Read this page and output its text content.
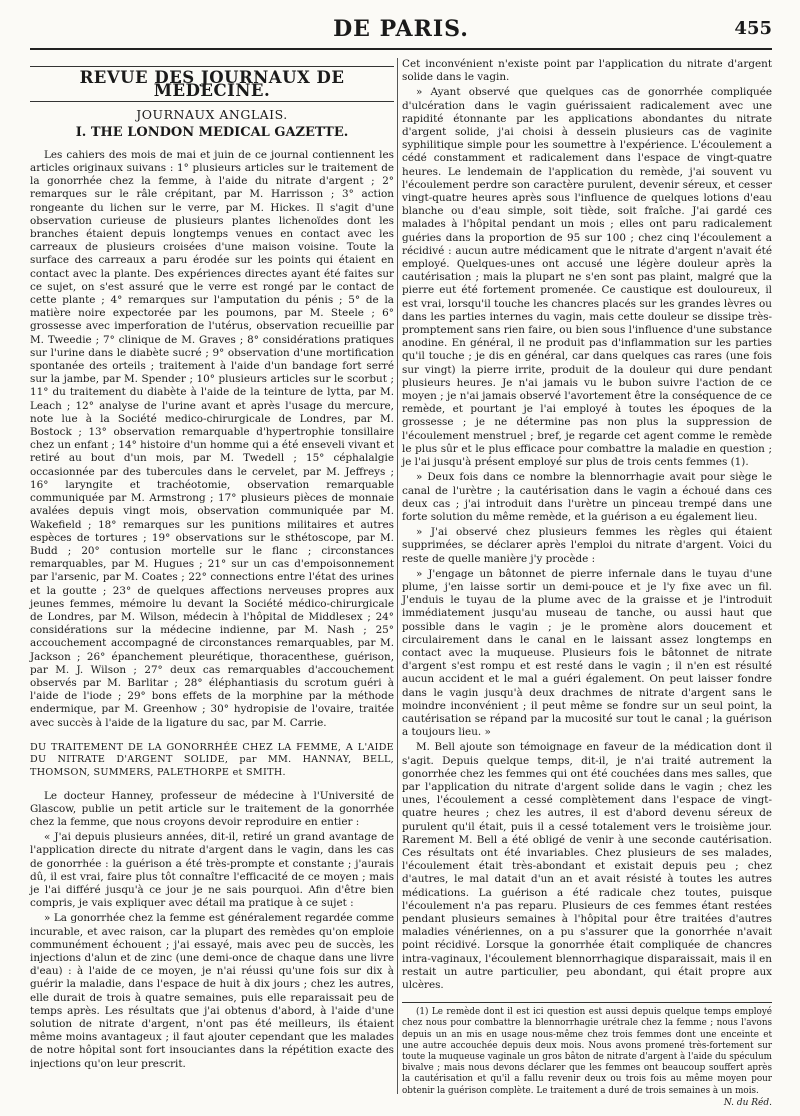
DE PARIS.	455
REVUE DES JOURNAUX DE MÉDECINE.
JOURNAUX ANGLAIS.
I. THE LONDON MEDICAL GAZETTE.

Les cahiers des mois de mai et juin de ce journal contiennent les articles originaux suivans : 1° plusieurs articles sur le traitement de la gonorrhée chez la femme, à l'aide du nitrate d'argent ; 2° remarques sur le râle crépitant, par M. Harrisson ; 3° action rongeante du lichen sur le verre, par M. Hickes. Il s'agit d'une observation curieuse de plusieurs plantes lichenoïdes dont les branches étaient depuis longtemps venues en contact avec les carreaux de plusieurs croisées d'une maison voisine. Toute la surface des carreaux a paru érodée sur les points qui étaient en contact avec la plante. Des expériences directes ayant été faites sur ce sujet, on s'est assuré que le verre est rongé par le contact de cette plante ; 4° remarques sur l'amputation du pénis ; 5° de la matière noire expectorée par les poumons, par M. Steele ; 6° grossesse avec imperforation de l'utérus, observation recueillie par M. Tweedie ; 7° clinique de M. Graves ; 8° considérations pratiques sur l'urine dans le diabète sucré ; 9° observation d'une mortification spontanée des orteils ; traitement à l'aide d'un bandage fort serré sur la jambe, par M. Spender ; 10° plusieurs articles sur le scorbut ; 11° du traitement du diabète à l'aide de la teinture de lytta, par M. Leach ; 12° analyse de l'urine avant et après l'usage du mercure, note lue à la Société medico-chirurgicale de Londres, par M. Bostock ; 13° observation remarquable d'hypertrophie tonsillaire chez un enfant ; 14° histoire d'un homme qui a été enseveli vivant et retiré au bout d'un mois, par M. Twedell ; 15° céphalalgie occasionnée par des tubercules dans le cervelet, par M. Jeffreys ; 16° laryngite et trachéotomie, observation remarquable communiquée par M. Armstrong ; 17° plusieurs pièces de monnaie avalées depuis vingt mois, observation communiquée par M. Wakefield ; 18° remarques sur les punitions militaires et autres espèces de tortures ; 19° observations sur le sthétoscope, par M. Budd ; 20° contusion mortelle sur le flanc ; circonstances remarquables, par M. Hugues ; 21° sur un cas d'empoisonnement par l'arsenic, par M. Coates ; 22° connections entre l'état des urines et la goutte ; 23° de quelques affections nerveuses propres aux jeunes femmes, mémoire lu devant la Société médico-chirurgicale de Londres, par M. Wilson, médecin à l'hôpital de Middlesex ; 24° considérations sur la médecine indienne, par M. Nash ; 25° accouchement accompagné de circonstances remarquables, par M. Jackson ; 26° épanchement pleurétique, thoracenthese, guérison, par M. J. Wilson ; 27° deux cas remarquables d'accouchement observés par M. Barlitar ; 28° éléphantiasis du scrotum guéri à l'aide de l'iode ; 29° bons effets de la morphine par la méthode endermique, par M. Greenhow ; 30° hydropisie de l'ovaire, traitée avec succès à l'aide de la ligature du sac, par M. Carrie.

DU TRAITEMENT DE LA GONORRHÉE CHEZ LA FEMME, A L'AIDE DU NITRATE D'ARGENT SOLIDE, par MM. HANNAY, BELL, THOMSON, SUMMERS, PALETHORPE et SMITH.

Le docteur Hanney, professeur de médecine à l'Université de Glascow, publie un petit article sur le traitement de la gonorrhée chez la femme, que nous croyons devoir reproduire en entier :

« J'ai depuis plusieurs années, dit-il, retiré un grand avantage de l'application directe du nitrate d'argent dans le vagin, dans les cas de gonorrhée : la guérison a été très-prompte et constante ; j'aurais dû, il est vrai, faire plus tôt connaître l'efficacité de ce moyen ; mais je l'ai différé jusqu'à ce jour je ne sais pourquoi. Afin d'être bien compris, je vais expliquer avec détail ma pratique à ce sujet :

» La gonorrhée chez la femme est généralement regardée comme incurable, et avec raison, car la plupart des remèdes qu'on emploie communément échouent ; j'ai essayé, mais avec peu de succès, les injections d'alun et de zinc (une demi-once de chaque dans une livre d'eau) : à l'aide de ce moyen, je n'ai réussi qu'une fois sur dix à guérir la maladie, dans l'espace de huit à dix jours ; chez les autres, elle durait de trois à quatre semaines, puis elle reparaissait peu de temps après. Les résultats que j'ai obtenus d'abord, à l'aide d'une solution de nitrate d'argent, n'ont pas été meilleurs, ils étaient même moins avantageux ; il faut ajouter cependant que les malades de notre hôpital sont fort insouciantes dans la répétition exacte des injections qu'on leur prescrit.

Cet inconvénient n'existe point par l'application du nitrate d'argent solide dans le vagin.

» Ayant observé que quelques cas de gonorrhée compliquée d'ulcération dans le vagin guérissaient radicalement avec une rapidité étonnante par les applications abondantes du nitrate d'argent solide, j'ai choisi à dessein plusieurs cas de vaginite syphilitique simple pour les soumettre à l'expérience. L'écoulement a cédé constamment et radicalement dans l'espace de vingt-quatre heures. Le lendemain de l'application du remède, j'ai souvent vu l'écoulement perdre son caractère purulent, devenir séreux, et cesser vingt-quatre heures après sous l'influence de quelques lotions d'eau blanche ou d'eau simple, soit tiède, soit fraîche. J'ai gardé ces malades à l'hôpital pendant un mois ; elles ont paru radicalement guéries dans la proportion de 95 sur 100 ; chez cinq l'écoulement a récidivé : aucun autre médicament que le nitrate d'argent n'avait été employé. Quelques-unes ont accusé une légère douleur après la cautérisation ; mais la plupart ne s'en sont pas plaint, malgré que la pierre eut été fortement promenée. Ce caustique est douloureux, il est vrai, lorsqu'il touche les chancres placés sur les grandes lèvres ou dans les parties internes du vagin, mais cette douleur se dissipe très-promptement sans rien faire, ou bien sous l'influence d'une substance anodine. En général, il ne produit pas d'inflammation sur les parties qu'il touche ; je dis en général, car dans quelques cas rares (une fois sur vingt) la pierre irrite, produit de la douleur qui dure pendant plusieurs heures. Je n'ai jamais vu le bubon suivre l'action de ce moyen ; je n'ai jamais observé l'avortement être la conséquence de ce remède, et pourtant je l'ai employé à toutes les époques de la grossesse ; je ne détermine pas non plus la suppression de l'écoulement menstruel ; bref, je regarde cet agent comme le remède le plus sûr et le plus efficace pour combattre la maladie en question ; je l'ai jusqu'à présent employé sur plus de trois cents femmes (1).

» Deux fois dans ce nombre la blennorrhagie avait pour siège le canal de l'urètre ; la cautérisation dans le vagin a échoué dans ces deux cas ; j'ai introduit dans l'urètre un pinceau trempé dans une forte solution du même remède, et la guérison a eu également lieu.

» J'ai observé chez plusieurs femmes les règles qui étaient supprimées, se déclarer après l'emploi du nitrate d'argent. Voici du reste de quelle manière j'y procède :

» J'engage un bâtonnet de pierre infernale dans le tuyau d'une plume, j'en laisse sortir un demi-pouce et je l'y fixe avec un fil. J'enduis le tuyau de la plume avec de la graisse et je l'introduit immédiatement jusqu'au museau de tanche, ou aussi haut que possible dans le vagin ; je le promène alors doucement et circulairement dans le canal en le laissant assez longtemps en contact avec la muqueuse. Plusieurs fois le bâtonnet de nitrate d'argent s'est rompu et est resté dans le vagin ; il n'en est résulté aucun accident et le mal a guéri également. On peut laisser fondre dans le vagin jusqu'à deux drachmes de nitrate d'argent sans le moindre inconvénient ; il peut même se fondre sur un seul point, la cautérisation se répand par la mucosité sur tout le canal ; la guérison a toujours lieu. »

M. Bell ajoute son témoignage en faveur de la médication dont il s'agit. Depuis quelque temps, dit-il, je n'ai traité autrement la gonorrhée chez les femmes qui ont été couchées dans mes salles, que par l'application du nitrate d'argent solide dans le vagin ; chez les unes, l'écoulement a cessé complètement dans l'espace de vingt-quatre heures ; chez les autres, il est d'abord devenu séreux de purulent qu'il était, puis il a cessé totalement vers le troisième jour. Rarement M. Bell a été obligé de venir à une seconde cautérisation. Ces résultats ont été invariables. Chez plusieurs de ses malades, l'écoulement était très-abondant et existait depuis peu ; chez d'autres, le mal datait d'un an et avait résisté à toutes les autres médications. La guérison a été radicale chez toutes, puisque l'écoulement n'a pas reparu. Plusieurs de ces femmes étant restées pendant plusieurs semaines à l'hôpital pour être traitées d'autres maladies vénériennes, on a pu s'assurer que la gonorrhée n'avait point récidivé. Lorsque la gonorrhée était compliquée de chancres intra-vaginaux, l'écoulement blennorrhagique disparaissait, mais il en restait un autre particulier, peu abondant, qui était propre aux ulcères.

(1) Le remède dont il est ici question est aussi depuis quelque temps employé chez nous pour combattre la blennorrhagie urétrale chez la femme ; nous l'avons depuis un an mis en usage nous-même chez trois femmes dont une enceinte et une autre accouchée depuis deux mois. Nous avons promené très-fortement sur toute la muqueuse vaginale un gros bâton de nitrate d'argent à l'aide du spéculum bivalve ; mais nous devons déclarer que les femmes ont beaucoup souffert après la cautérisation et qu'il a fallu revenir deux ou trois fois au même moyen pour obtenir la guérison complète. Le traitement a duré de trois semaines à un mois.
N. du Réd.
